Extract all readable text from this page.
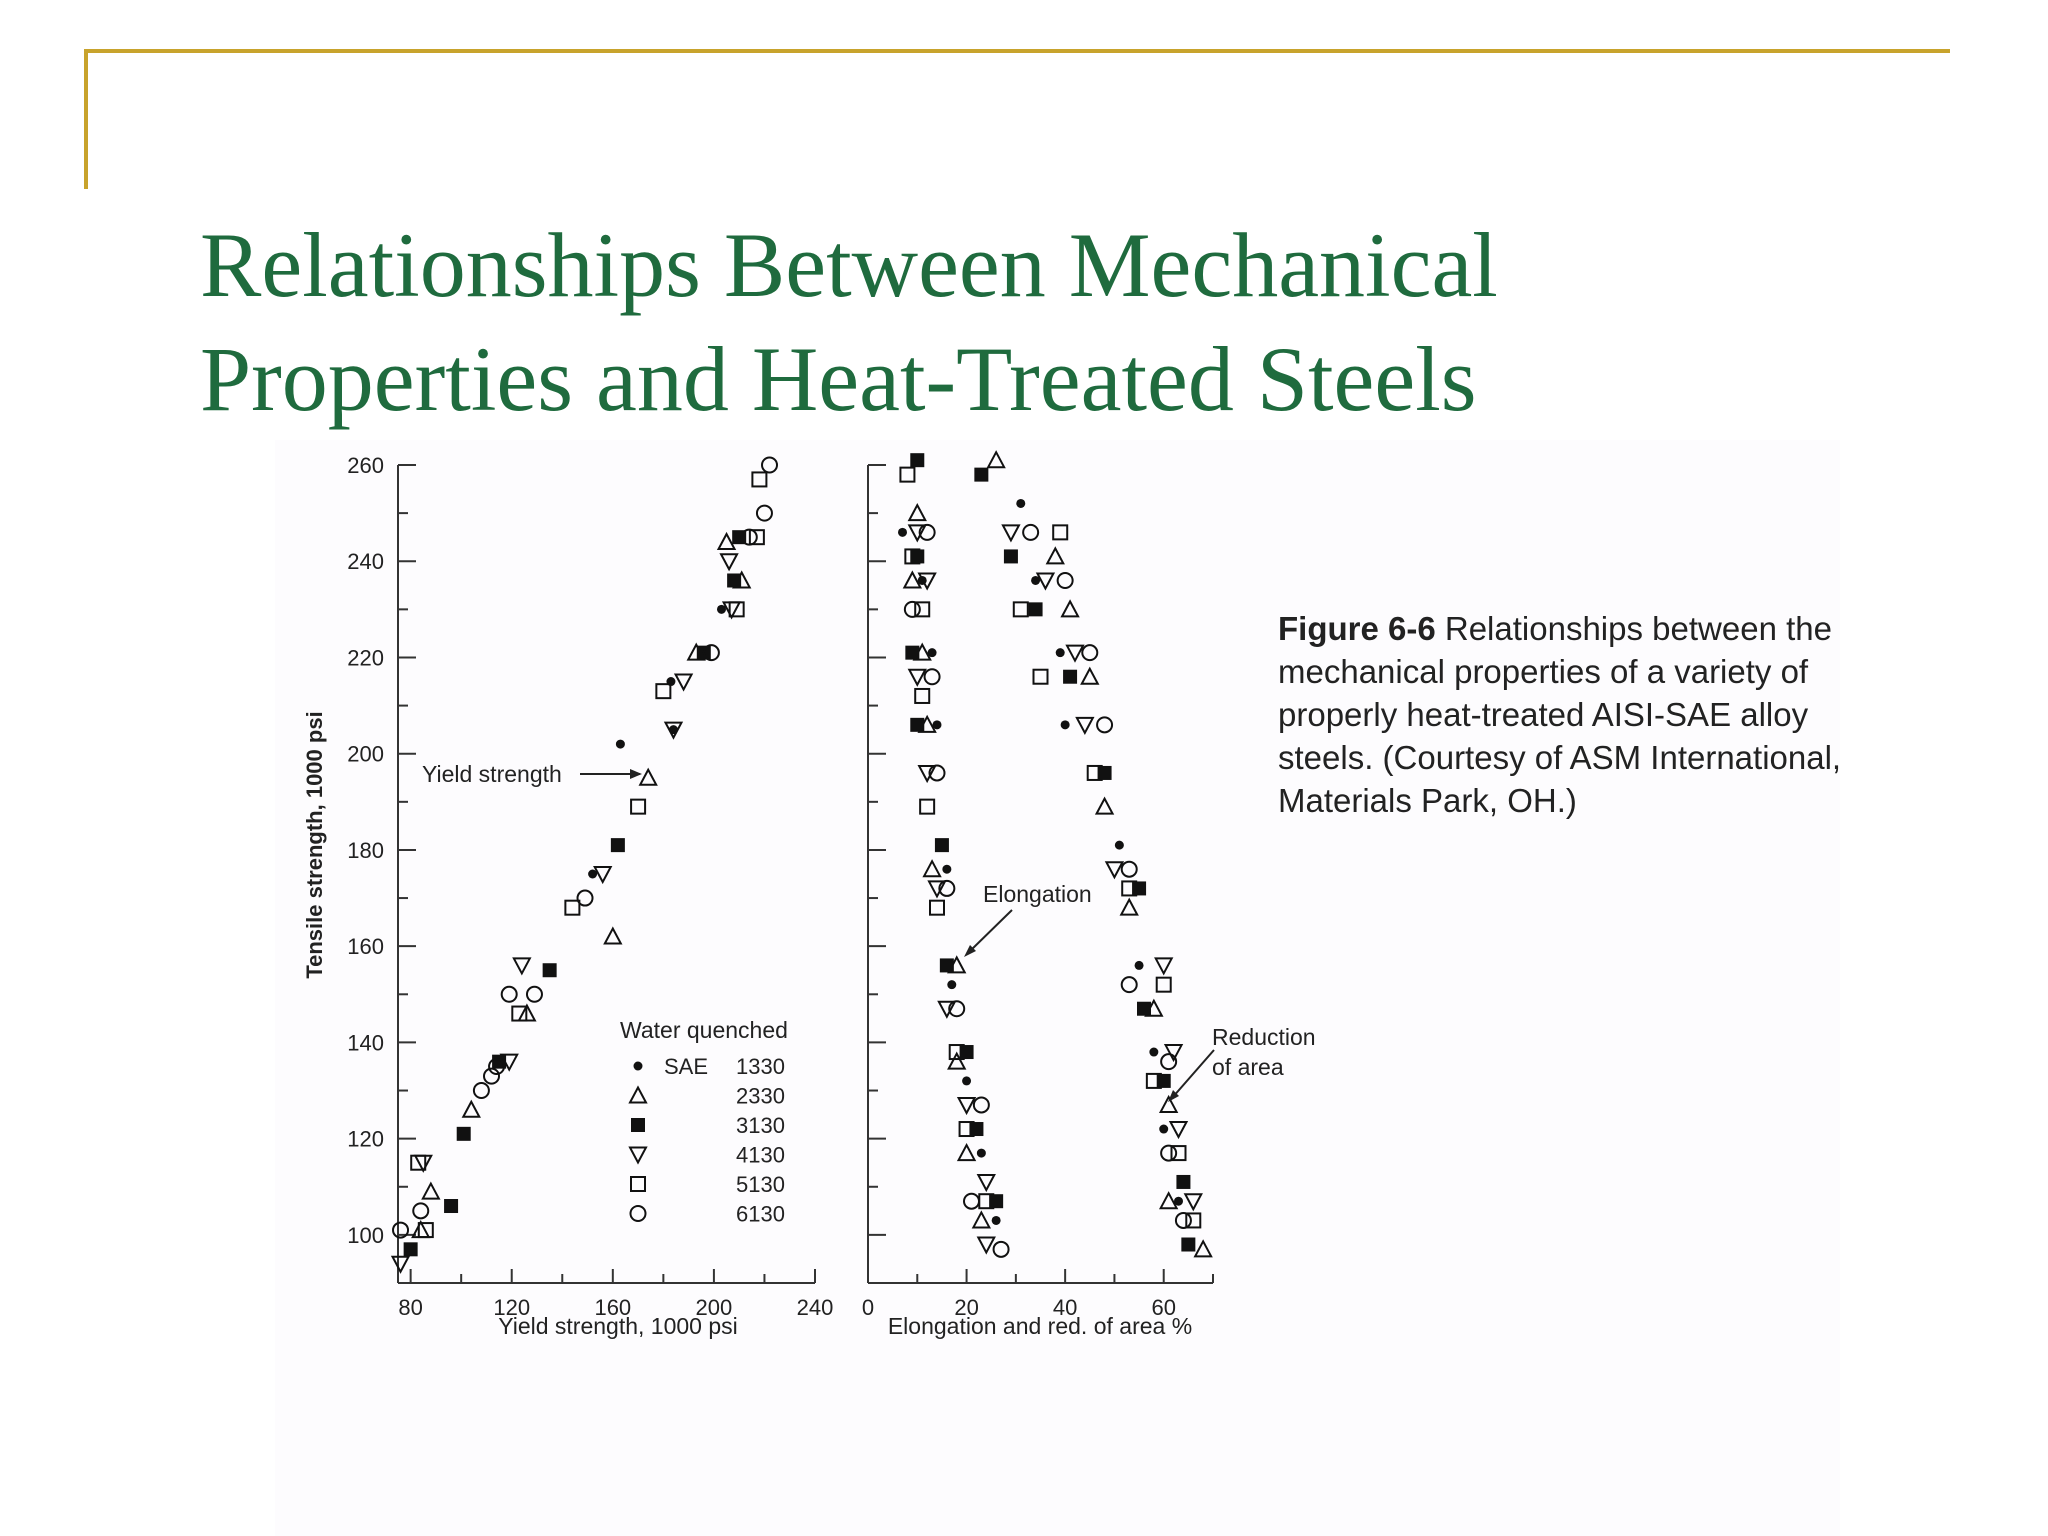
Relationships Between Mechanical
Properties and Heat-Treated Steels
100
120
140
160
180
200
220
240
260
80	120	160	200	240 0	20	40	60
Tensile strength, 1000 psi
Yield strength, 1000 psi	Elongation and red. of area %
Yield strength
Elongation
Reduction
of area
Water quenched
SAE 1330
2330
3130
4130
5130
6130
Figure 6-6 Relationships between the mechanical properties of a variety of properly heat-treated AISI-SAE alloy steels. (Courtesy of ASM International, Materials Park, OH.)
